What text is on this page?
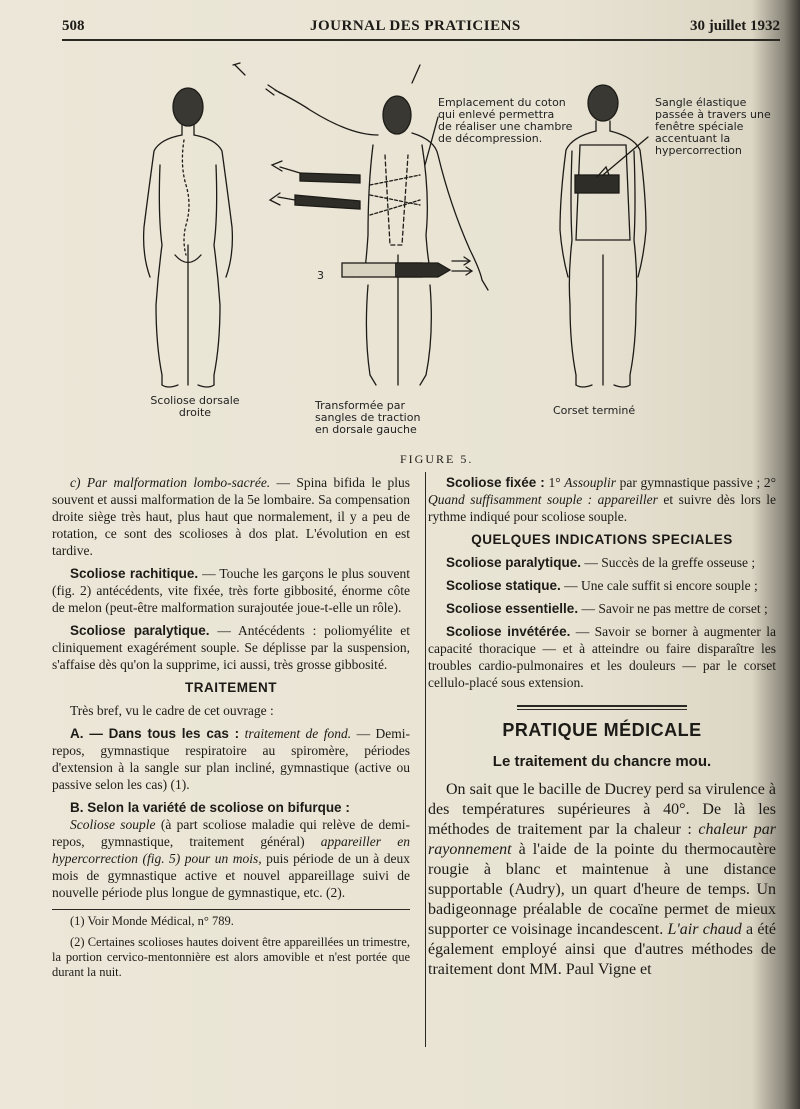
508	JOURNAL DES PRATICIENS	30 juillet 1932
Emplacement du coton
qui enlevé permettra
de réaliser une chambre
de décompression.
Sangle élastique
passée à travers une
fenêtre spéciale
accentuant la
hypercorrection
Scoliose dorsale
droite
Transformée par
sangles de traction
en dorsale gauche
Corset terminé
3
FIGURE 5.

c) Par malformation lombo-sacrée. — Spina bifida le plus souvent et aussi malformation de la 5e lombaire. Sa compensation droite siège très haut, plus haut que normalement, il y a peu de rotation, ce sont des scolioses à dos plat. L'évolution en est tardive.

Scoliose rachitique. — Touche les garçons le plus souvent (fig. 2) antécédents, vite fixée, très forte gibbosité, énorme côte de melon (peut-être malformation surajoutée joue-t-elle un rôle).

Scoliose paralytique. — Antécédents : poliomyélite et cliniquement exagérément souple. Se déplisse par la suspension, s'affaise dès qu'on la supprime, ici aussi, très grosse gibbosité.

TRAITEMENT

Très bref, vu le cadre de cet ouvrage :

A. — Dans tous les cas : traitement de fond. — Demi-repos, gymnastique respiratoire au spiromère, périodes d'extension à la sangle sur plan incliné, gymnastique (active ou passive selon les cas) (1).

B. Selon la variété de scoliose on bifurque :

Scoliose souple (à part scoliose maladie qui relève de demi-repos, gymnastique, traitement général) appareiller en hypercorrection (fig. 5) pour un mois, puis période de un à deux mois de gymnastique active et nouvel appareillage suivi de nouvelle période plus longue de gymnastique, etc. (2).

(1) Voir Monde Médical, n° 789.

(2) Certaines scolioses hautes doivent être appareillées un trimestre, la portion cervico-mentonnière est alors amovible et n'est portée que durant la nuit.

Scoliose fixée : 1° Assouplir par gymnastique passive ; 2° Quand suffisamment souple : appareiller et suivre dès lors le rythme indiqué pour scoliose souple.

QUELQUES INDICATIONS SPECIALES

Scoliose paralytique. — Succès de la greffe osseuse ;

Scoliose statique. — Une cale suffit si encore souple ;

Scoliose essentielle. — Savoir ne pas mettre de corset ;

Scoliose invétérée. — Savoir se borner à augmenter la capacité thoracique — et à atteindre ou faire disparaître les troubles cardio-pulmonaires et les douleurs — par le corset cellulo-placé sous extension.

PRATIQUE MÉDICALE
Le traitement du chancre mou.

On sait que le bacille de Ducrey perd sa virulence à des températures supérieures à 40°. De là les méthodes de traitement par la chaleur : chaleur par rayonnement à l'aide de la pointe du thermocautère rougie à blanc et maintenue à une distance supportable (Audry), un quart d'heure de temps. Un badigeonnage préalable de cocaïne permet de mieux supporter ce voisinage incandescent. L'air chaud a été également employé ainsi que d'autres méthodes de traitement dont MM. Paul Vigne et
